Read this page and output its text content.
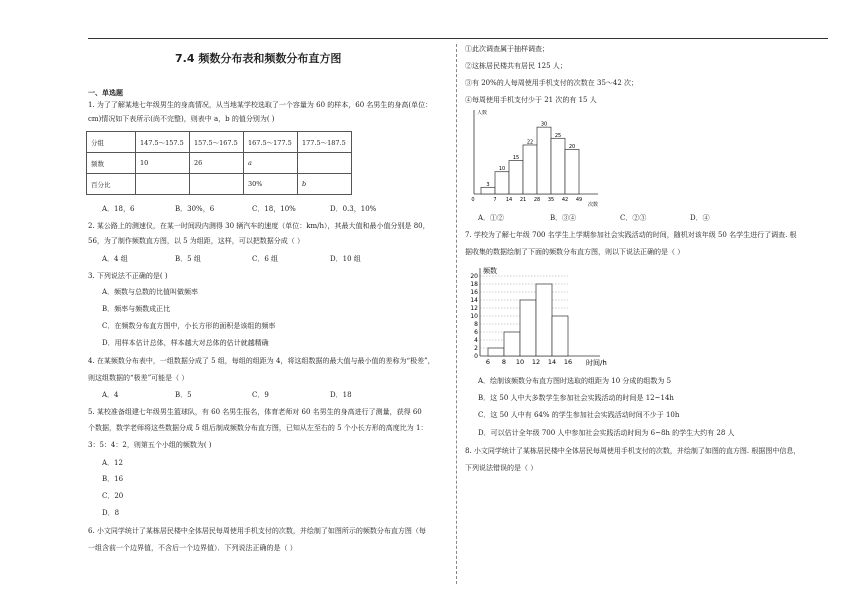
7.4 频数分布表和频数分布直方图
一、单选题
1. 为了了解某地七年级男生的身高情况，从当地某学校选取了一个容量为 60 的样本，60 名男生的身高(单位：
cm)情况如下表所示(尚不完整)，则表中 a，b 的值分别为( )
分组	147.5～157.5	157.5～167.5	167.5～177.5	177.5～187.5
频数	10	26	a	
百分比			30%	b
A．18，6	B．30%，6	C．18，10%	D．0.3，10%
2. 某公路上的测速仪，在某一时间段内测得 30 辆汽车的速度（单位：km/h），其最大值和最小值分别是 80，
56，为了制作频数直方图，以 5 为组距，这样，可以把数据分成（ ）
A．4 组	B．5 组	C．6 组	D．10 组
3. 下列说法不正确的是( )
A．频数与总数的比值叫做频率
B．频率与频数成正比
C．在频数分布直方图中，小长方形的面积是该组的频率
D．用样本估计总体，样本越大对总体的估计就越精确
4. 在某频数分布表中，一组数据分成了 5 组，每组的组距为 4，将这组数据的最大值与最小值的差称为“极差”，
则这组数据的“极差”可能是（ ）
A．4	B．5	C．9	D．18
5. 某校准备组建七年级男生篮球队，有 60 名男生报名，体育老师对 60 名男生的身高进行了测量，获得 60
个数据，数学老师将这些数据分成 5 组后制成频数分布直方图，已知从左至右的 5 个小长方形的高度比为 1：
3：5：4：2，则第五个小组的频数为( )
A．12
B．16
C．20
D．8
6. 小文同学统计了某栋居民楼中全体居民每周使用手机支付的次数，并绘制了如图所示的频数分布直方图（每
一组含前一个边界值，不含后一个边界值）．下列说法正确的是（ ）
①此次调查属于抽样调查；
②这栋居民楼共有居民 125 人；
③有 20%的人每周使用手机支付的次数在 35～42 次；
④每周使用手机支付少于 21 次的有 15 人
人数
次数
3
10
15
22
30
25
20
0	7 14 21 28 35 42 49
A．①②	B．③④	C．②③	D．④
7. 学校为了解七年级 700 名学生上学期参加社会实践活动的时间，随机对该年级 50 名学生进行了调查. 根
据收集的数据绘制了下面的频数分布直方图，则以下说法正确的是（ ）
0
2
4
6
8
10
12
14
16
18
20
频数
时间/h
6 8 10 12 14 16
A．绘制该频数分布直方图时选取的组距为 10 分成的组数为 5
B．这 50 人中大多数学生参加社会实践活动的时间是 12~14h
C．这 50 人中有 64% 的学生参加社会实践活动时间不少于 10h
D．可以估计全年级 700 人中参加社会实践活动时间为 6~8h 的学生大约有 28 人
8. 小文同学统计了某栋居民楼中全体居民每周使用手机支付的次数，并绘制了如图的直方图. 根据图中信息，
下列说法错误的是（ ）
